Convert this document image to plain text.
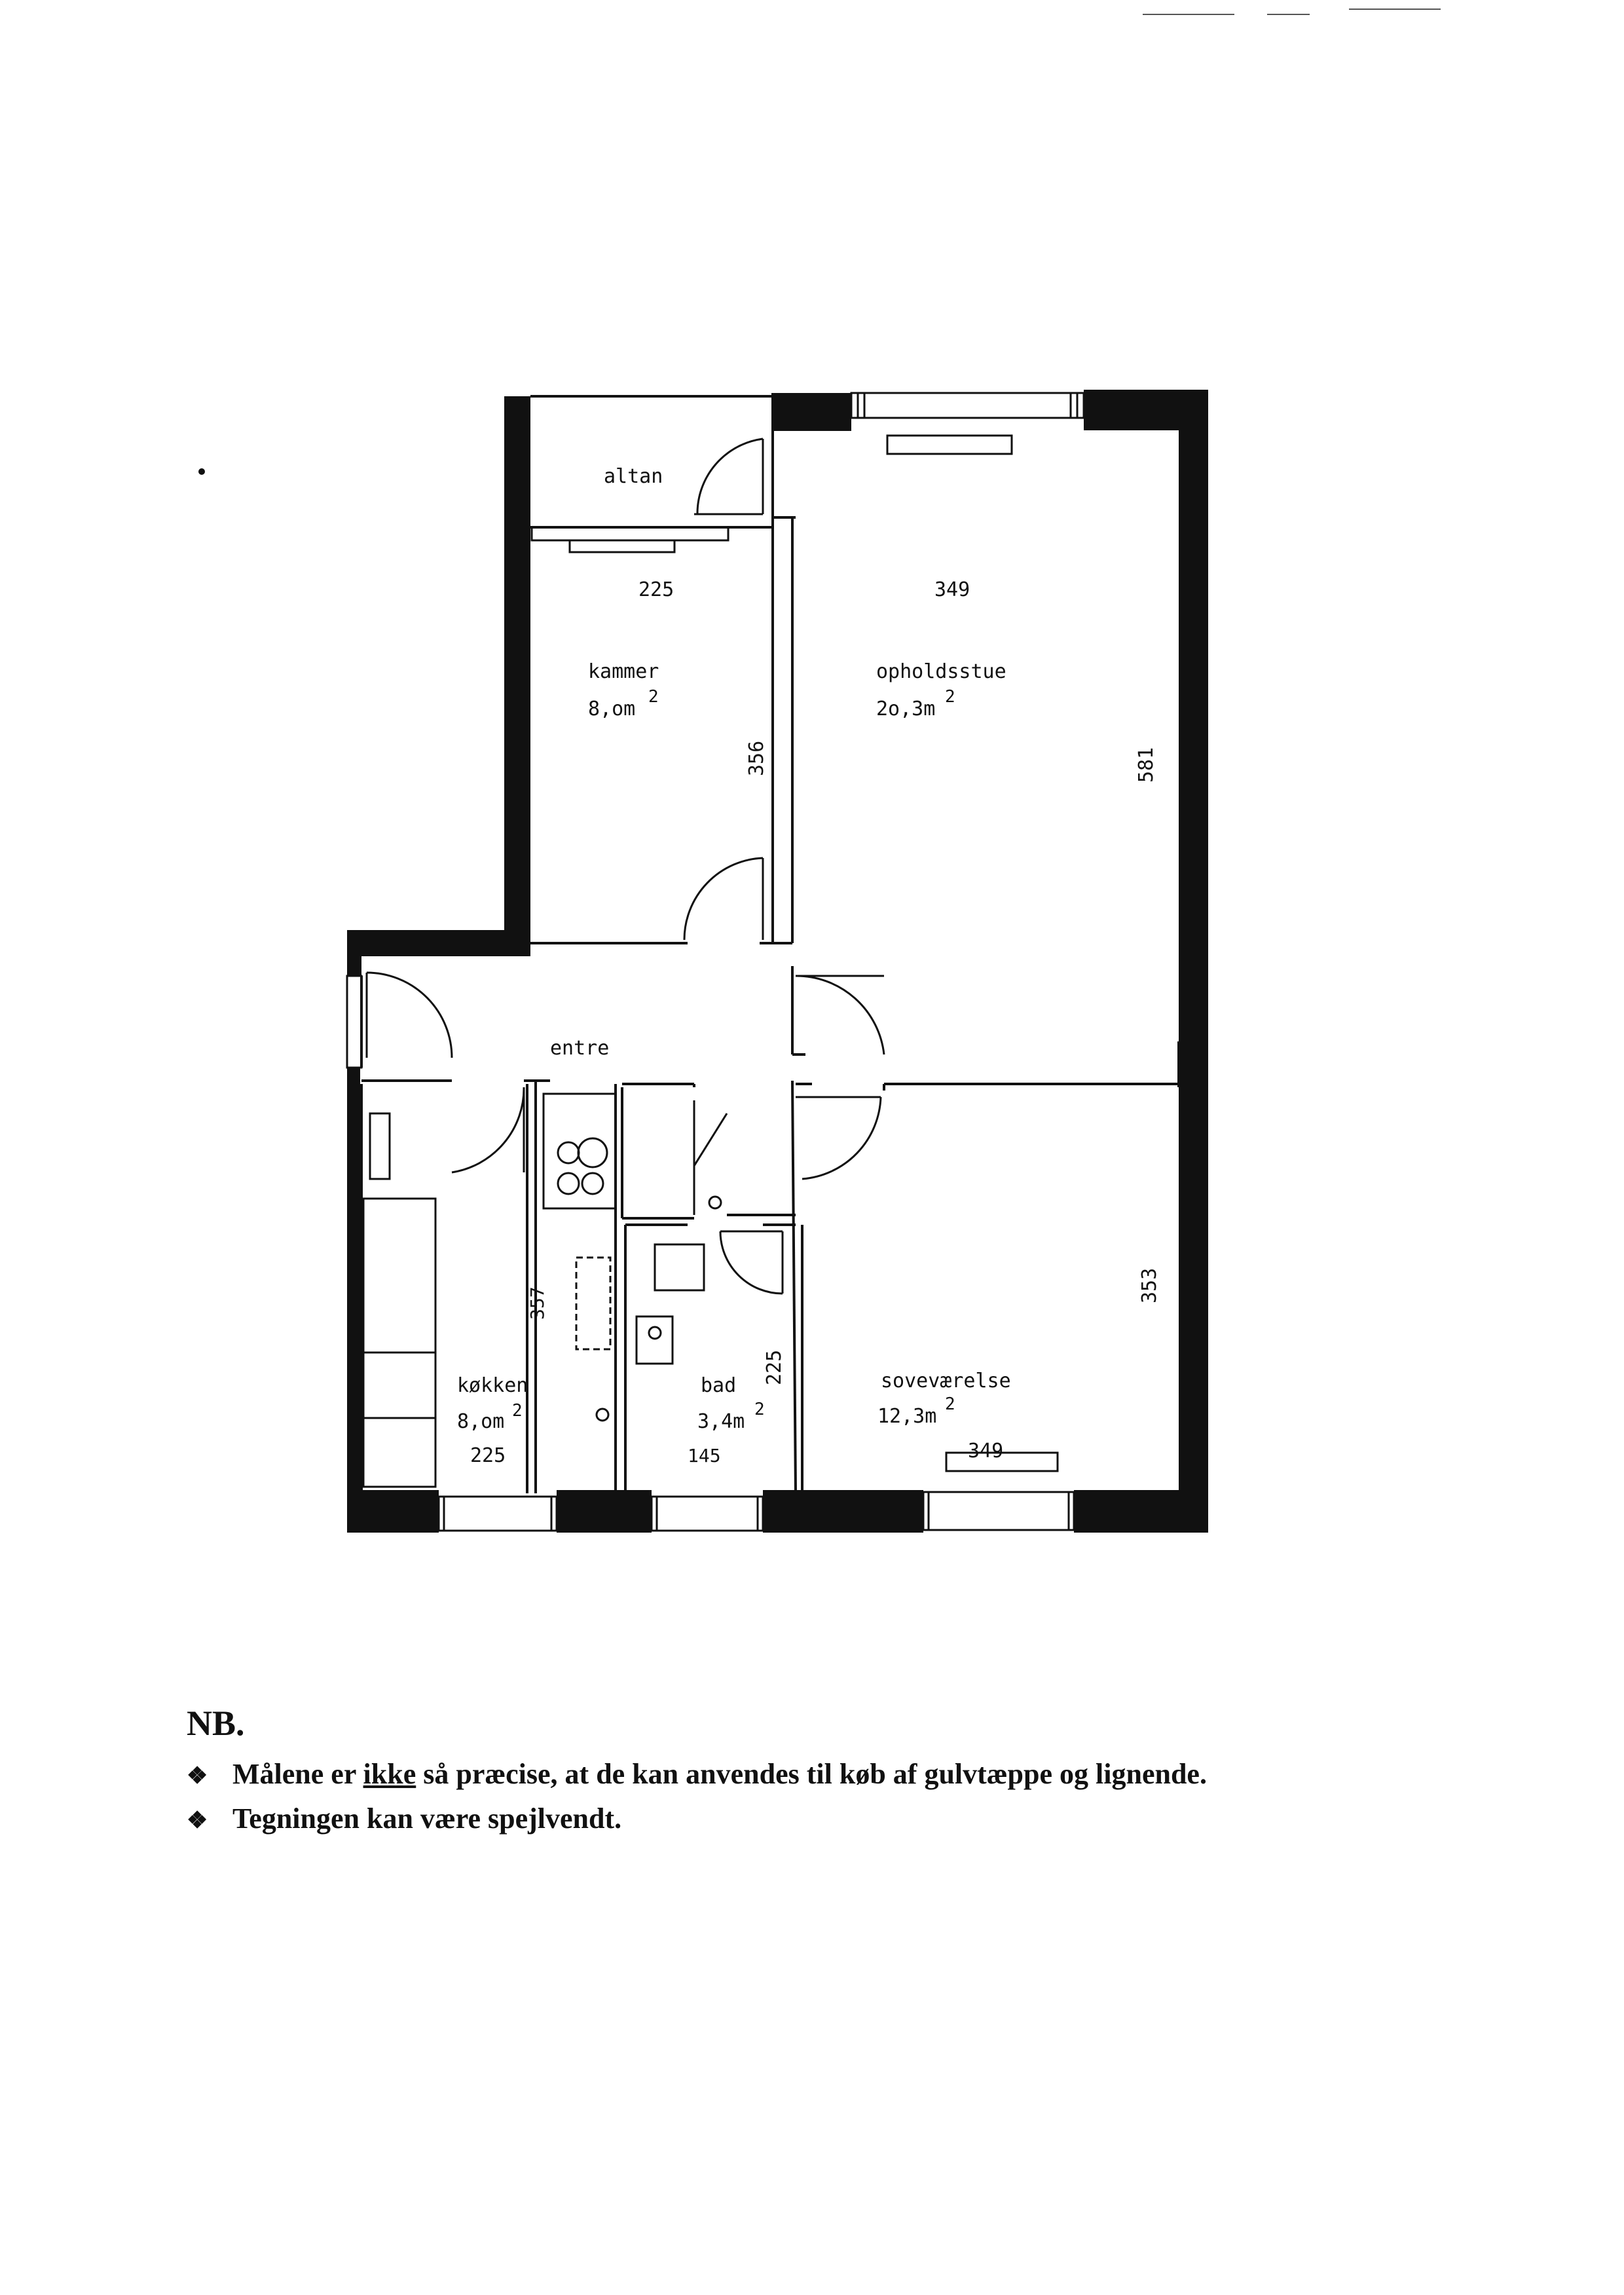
altan
225
kammer
8,om
2
356
349
opholdsstue
2o,3m
2
581
entre
357
køkken
8,om 2
225
225
bad
3,4m
2
145
353
soveværelse
12,3m
2
349
NB.
❖ Målene er ikke så præcise, at de kan anvendes til køb af gulvtæppe og lignende.
❖ Tegningen kan være spejlvendt.
